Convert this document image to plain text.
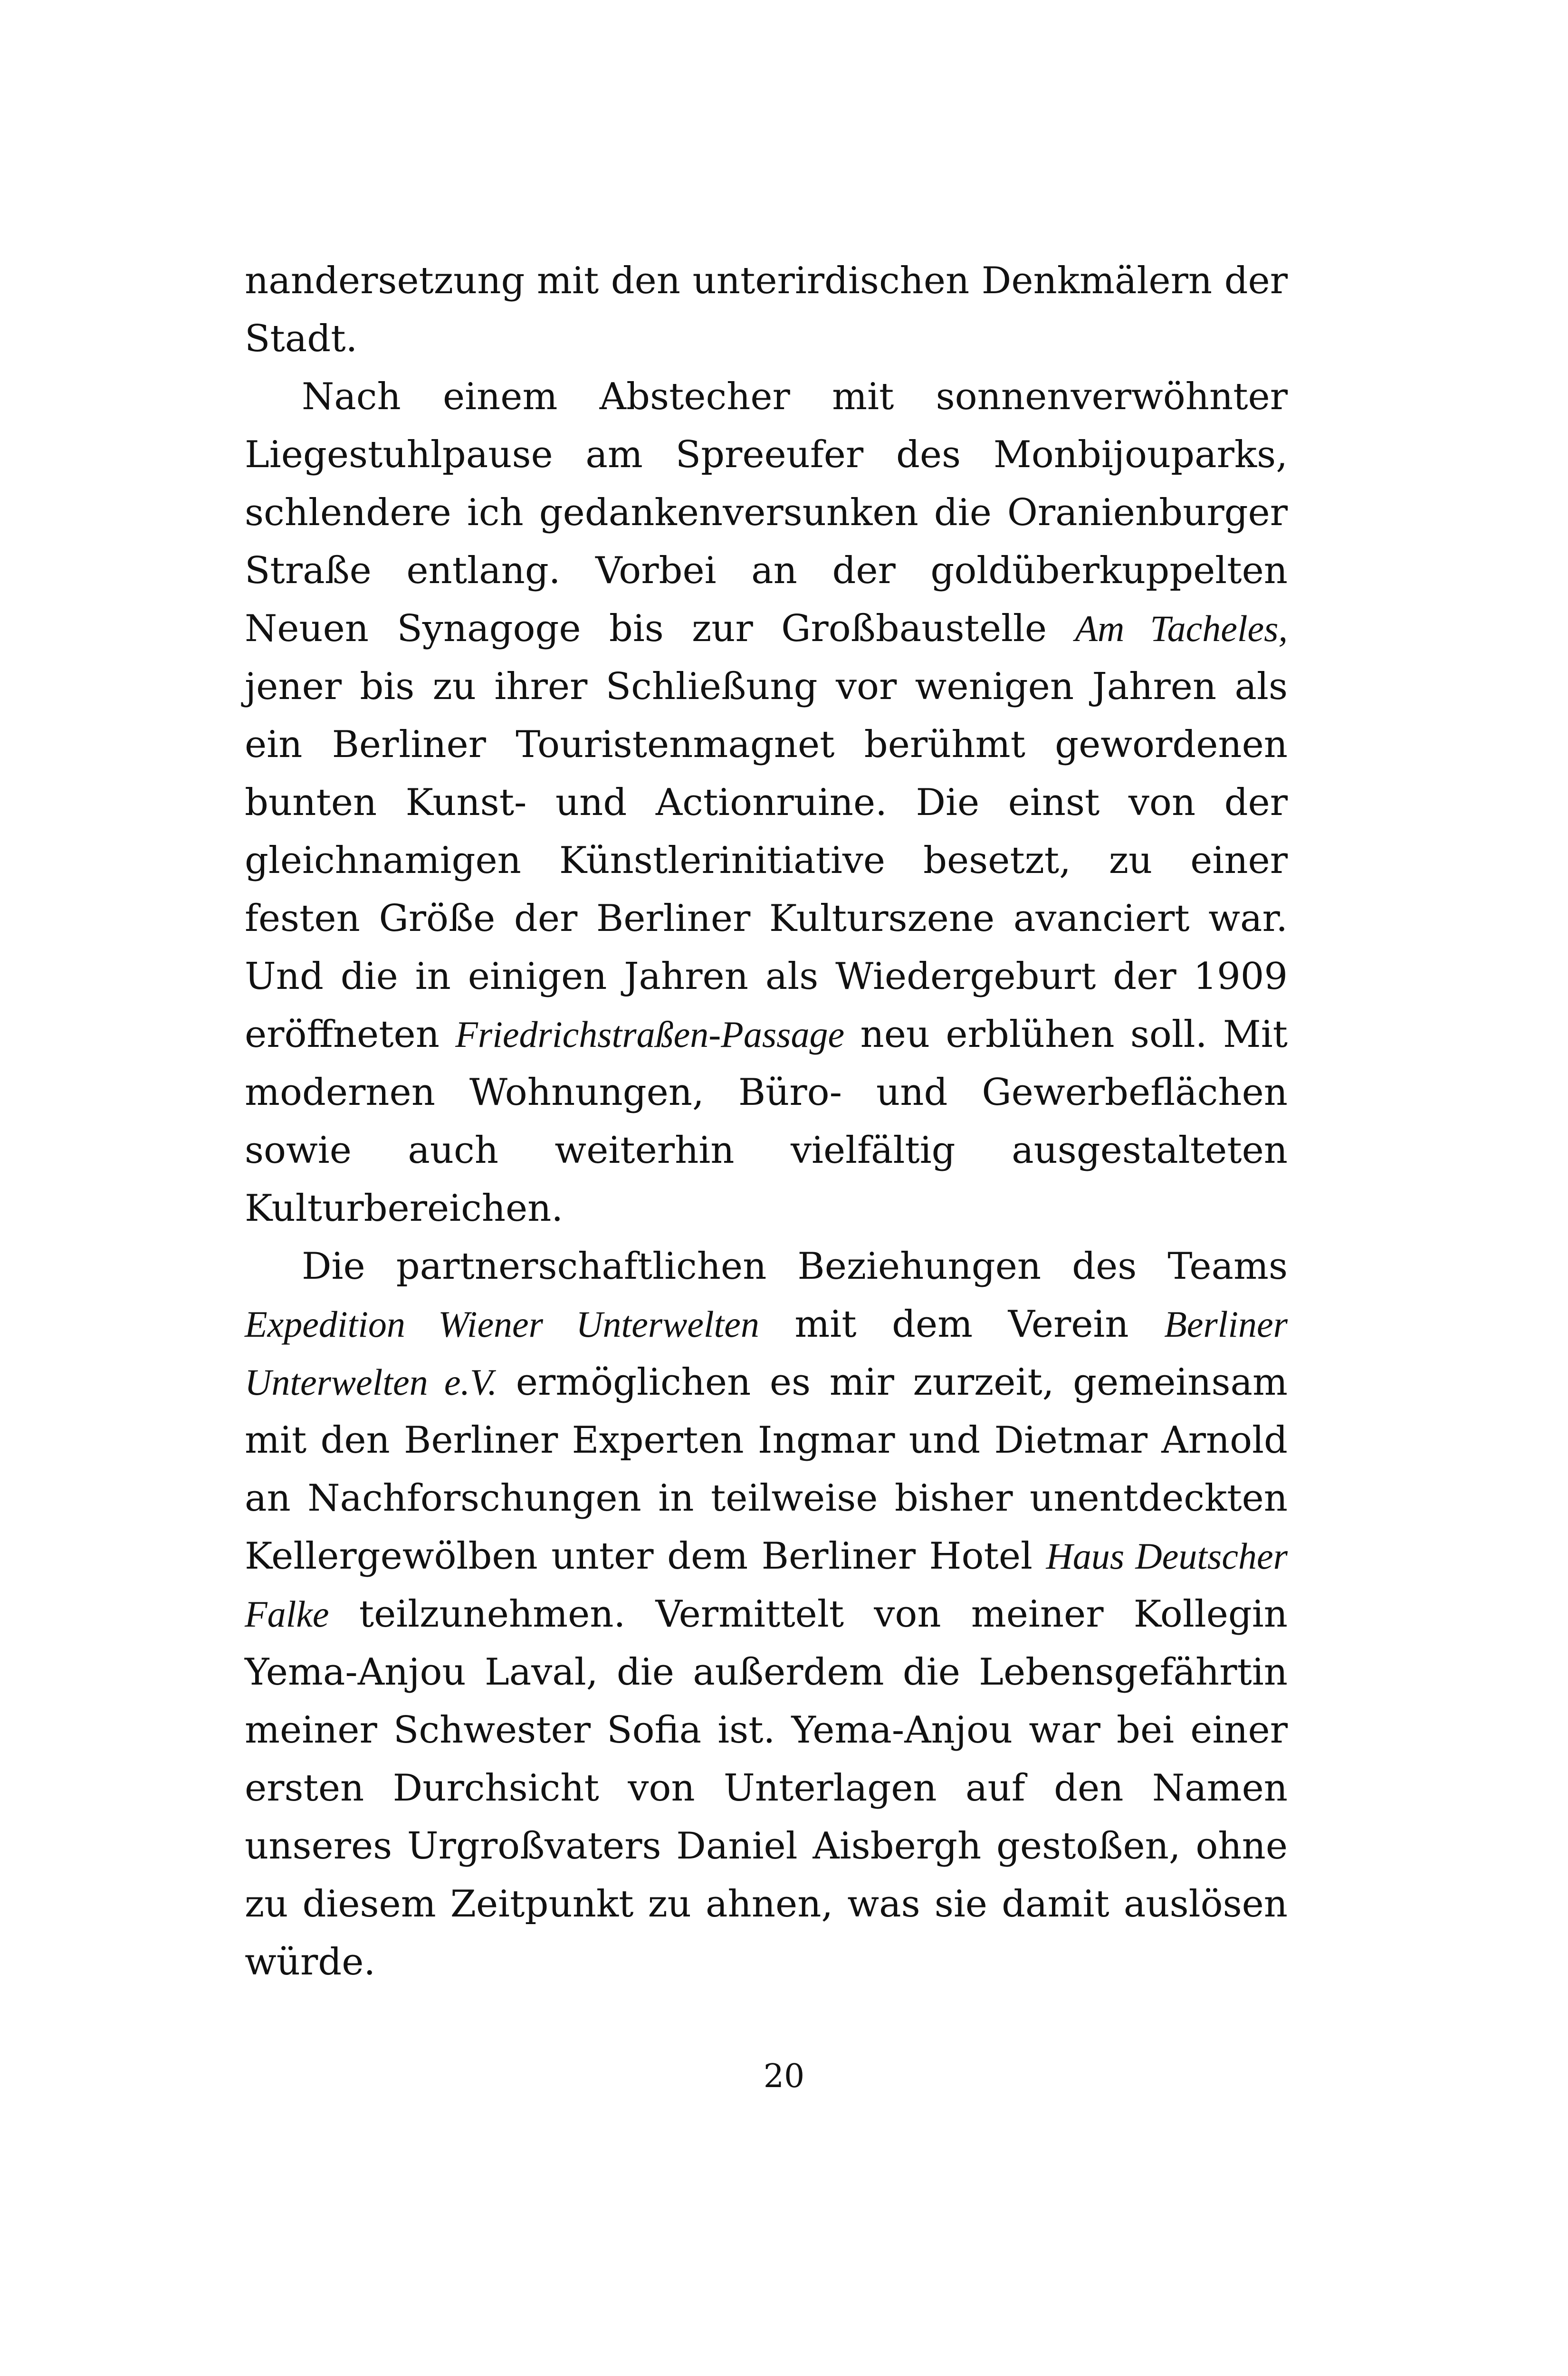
nandersetzung mit den unterirdischen Denkmälern der Stadt.

Nach einem Abstecher mit sonnenverwöhnter Liegestuhlpause am Spreeufer des Monbijouparks, schlendere ich gedankenversunken die Oranienburger Straße entlang. Vorbei an der goldüberkuppelten Neuen Synagoge bis zur Großbaustelle Am Tacheles, jener bis zu ihrer Schließung vor wenigen Jahren als ein Berliner Touristenmagnet berühmt gewordenen bunten Kunst- und Actionruine. Die einst von der gleichnamigen Künstlerinitiative besetzt, zu einer festen Größe der Berliner Kulturszene avanciert war. Und die in einigen Jahren als Wiedergeburt der 1909 eröffneten Friedrichstraßen-Passage neu erblühen soll. Mit modernen Wohnungen, Büro- und Gewerbeflächen sowie auch weiterhin vielfältig ausgestalteten Kulturbereichen.

Die partnerschaftlichen Beziehungen des Teams Expedition Wiener Unterwelten mit dem Verein Berliner Unterwelten e.V. ermöglichen es mir zurzeit, gemeinsam mit den Berliner Experten Ingmar und Dietmar Arnold an Nachforschungen in teilweise bisher unentdeckten Kellergewölben unter dem Berliner Hotel Haus Deutscher Falke teilzunehmen. Vermittelt von meiner Kollegin Yema-Anjou Laval, die außerdem die Lebensgefährtin meiner Schwester Sofia ist. Yema-Anjou war bei einer ersten Durchsicht von Unterlagen auf den Namen unseres Urgroßvaters Daniel Aisbergh gestoßen, ohne zu diesem Zeitpunkt zu ahnen, was sie damit auslösen würde.

20
